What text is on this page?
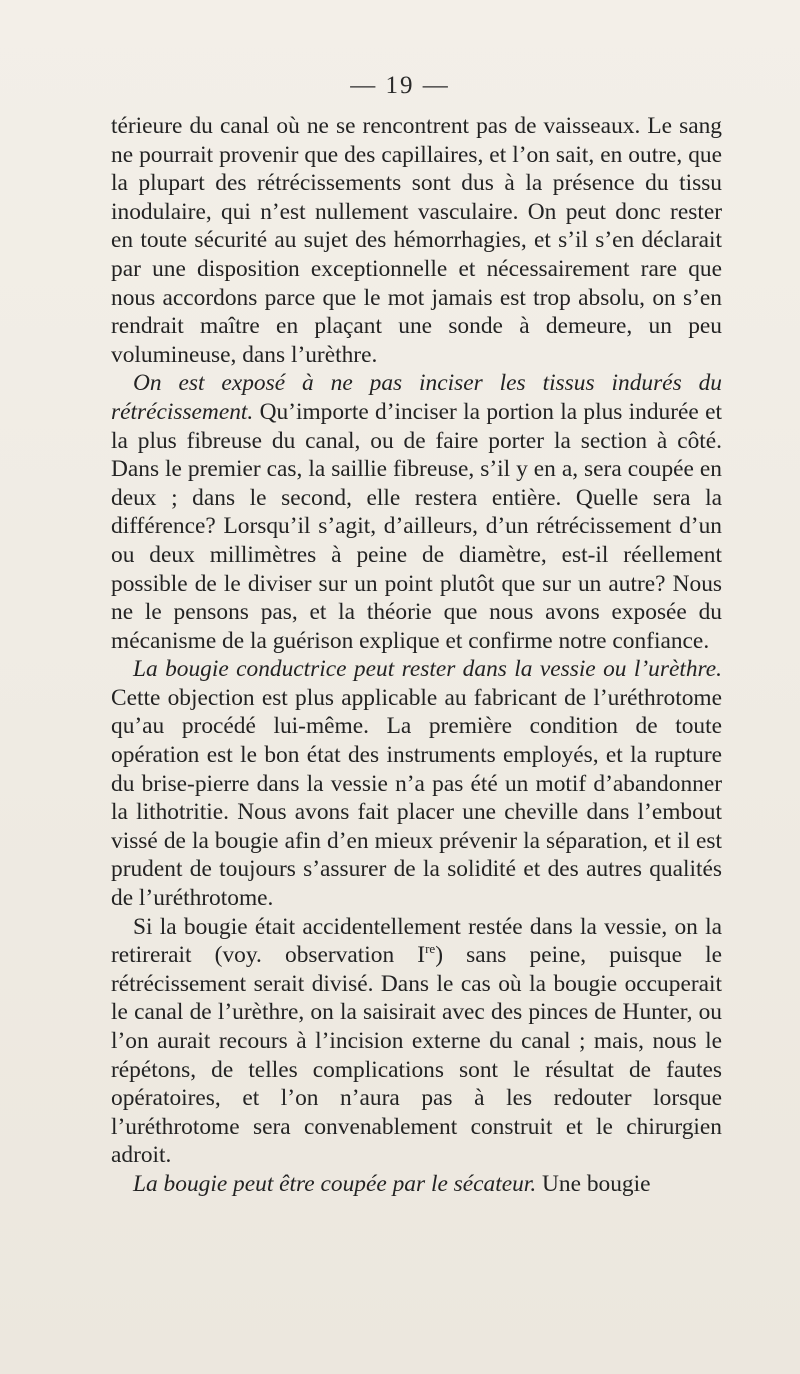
— 19 —

térieure du canal où ne se rencontrent pas de vaisseaux. Le sang ne pourrait provenir que des capillaires, et l’on sait, en outre, que la plupart des rétrécissements sont dus à la présence du tissu inodulaire, qui n’est nullement vasculaire. On peut donc rester en toute sécurité au sujet des hémorrhagies, et s’il s’en déclarait par une disposition exceptionnelle et nécessairement rare que nous accordons parce que le mot jamais est trop absolu, on s’en rendrait maître en plaçant une sonde à demeure, un peu volumineuse, dans l’urèthre.

On est exposé à ne pas inciser les tissus indurés du rétrécissement. Qu’importe d’inciser la portion la plus indurée et la plus fibreuse du canal, ou de faire porter la section à côté. Dans le premier cas, la saillie fibreuse, s’il y en a, sera coupée en deux ; dans le second, elle restera entière. Quelle sera la différence? Lorsqu’il s’agit, d’ailleurs, d’un rétrécissement d’un ou deux millimètres à peine de diamètre, est-il réellement possible de le diviser sur un point plutôt que sur un autre? Nous ne le pensons pas, et la théorie que nous avons exposée du mécanisme de la guérison explique et confirme notre confiance.

La bougie conductrice peut rester dans la vessie ou l’urèthre. Cette objection est plus applicable au fabricant de l’uréthrotome qu’au procédé lui-même. La première condition de toute opération est le bon état des instruments employés, et la rupture du brise-pierre dans la vessie n’a pas été un motif d’abandonner la lithotritie. Nous avons fait placer une cheville dans l’embout vissé de la bougie afin d’en mieux prévenir la séparation, et il est prudent de toujours s’assurer de la solidité et des autres qualités de l’uréthrotome.

Si la bougie était accidentellement restée dans la vessie, on la retirerait (voy. observation Ire) sans peine, puisque le rétrécissement serait divisé. Dans le cas où la bougie occuperait le canal de l’urèthre, on la saisirait avec des pinces de Hunter, ou l’on aurait recours à l’incision externe du canal ; mais, nous le répétons, de telles complications sont le résultat de fautes opératoires, et l’on n’aura pas à les redouter lorsque l’uréthrotome sera convenablement construit et le chirurgien adroit.

La bougie peut être coupée par le sécateur. Une bougie
